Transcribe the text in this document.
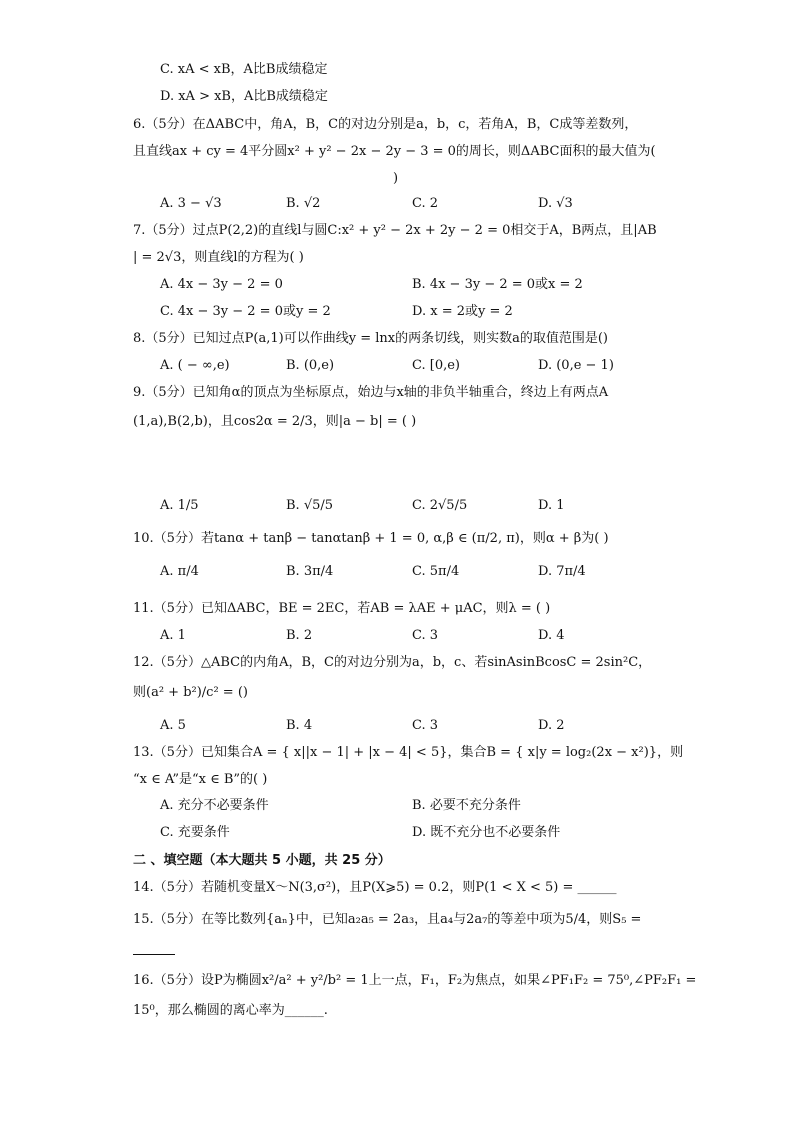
C. xA < xB，A比B成绩稳定
D. xA > xB，A比B成绩稳定
6.（5分）在ΔABC中，角A，B，C的对边分别是a，b，c，若角A，B，C成等差数列，
且直线ax + cy = 4平分圆x² + y² − 2x − 2y − 3 = 0的周长，则ΔABC面积的最大值为(
)
A. 3 − √3	B. √2	C. 2	D. √3
7.（5分）过点P(2,2)的直线l与圆C:x² + y² − 2x + 2y − 2 = 0相交于A，B两点，且|AB
| = 2√3，则直线l的方程为( )
A. 4x − 3y − 2 = 0	B. 4x − 3y − 2 = 0或x = 2
C. 4x − 3y − 2 = 0或y = 2	D. x = 2或y = 2
8.（5分）已知过点P(a,1)可以作曲线y = lnx的两条切线，则实数a的取值范围是()
A. ( − ∞,e)	B. (0,e)	C. [0,e)	D. (0,e − 1)
9.（5分）已知角α的顶点为坐标原点，始边与x轴的非负半轴重合，终边上有两点A
(1,a),B(2,b)，且cos2α = 2/3，则|a − b| = ( )
A. 1/5	B. √5/5	C. 2√5/5	D. 1
10.（5分）若tanα + tanβ − tanαtanβ + 1 = 0, α,β ∈ (π/2, π)，则α + β为( )
A. π/4	B. 3π/4	C. 5π/4	D. 7π/4
11.（5分）已知ΔABC，BE = 2EC，若AB = λAE + μAC，则λ = ( )
A. 1	B. 2	C. 3	D. 4
12.（5分）△ABC的内角A，B，C的对边分别为a，b，c、若sinAsinBcosC = 2sin²C，
则(a² + b²)/c² = ()
A. 5	B. 4	C. 3	D. 2
13.（5分）已知集合A = { x||x − 1| + |x − 4| < 5}，集合B = { x|y = log₂(2x − x²)}，则
“x ∈ A”是“x ∈ B”的( )
A. 充分不必要条件	B. 必要不充分条件
C. 充要条件	D. 既不充分也不必要条件
二 、填空题（本大题共 5 小题，共 25 分）
14.（5分）若随机变量X～N(3,σ²)，且P(X⩾5) = 0.2，则P(1 < X < 5) = ______
15.（5分）在等比数列{aₙ}中，已知a₂a₅ = 2a₃，且a₄与2a₇的等差中项为5/4，则S₅ =
16.（5分）设P为椭圆x²/a² + y²/b² = 1上一点，F₁，F₂为焦点，如果∠PF₁F₂ = 75⁰,∠PF₂F₁ =
15⁰，那么椭圆的离心率为______.
